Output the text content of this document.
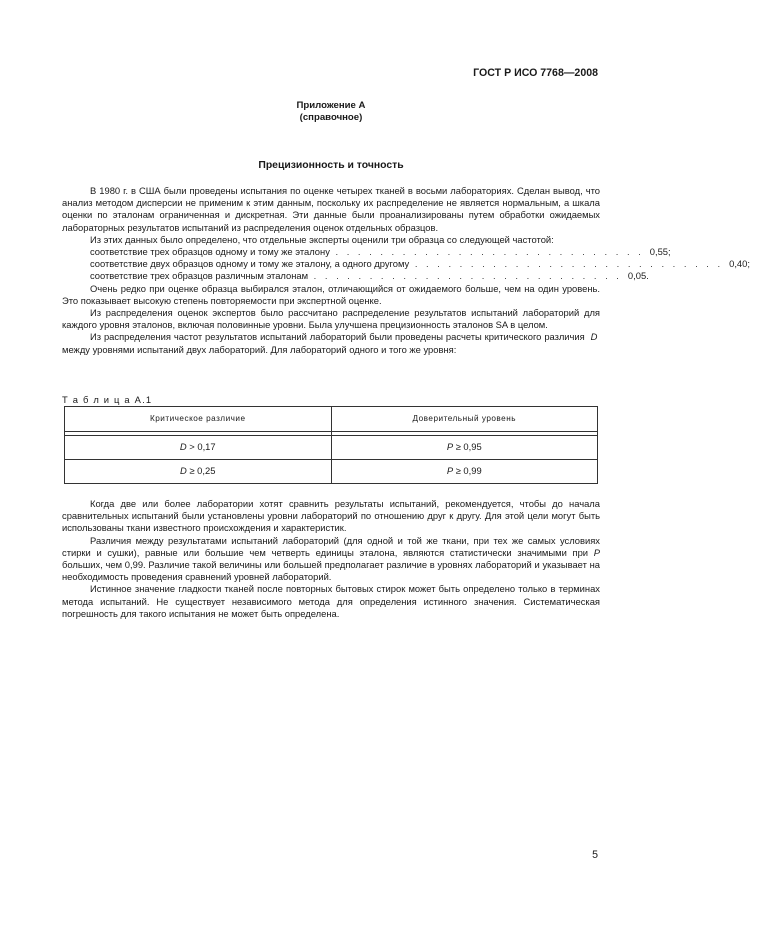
ГОСТ Р ИСО 7768—2008
Приложение А
(справочное)
Прецизионность и точность

В 1980 г. в США были проведены испытания по оценке четырех тканей в восьми лабораториях. Сделан вывод, что анализ методом дисперсии не применим к этим данным, поскольку их распределение не является нормальным, а шкала оценки по эталонам ограниченная и дискретная. Эти данные были проанализированы путем обработки ожидаемых лабораторных результатов испытаний из распределения оценок отдельных образцов.

Из этих данных было определено, что отдельные эксперты оценили три образца со следующей частотой:

соответствие трех образцов одному и тому же эталону . . . . . . . . . . . . . . . . . . . . . . . . . . . . 0,55;
соответствие двух образцов одному и тому же эталону, а одного другому . . . . . . . . . . . . . . . . . . . . . . . . . . . . 0,40;
соответствие трех образцов различным эталонам . . . . . . . . . . . . . . . . . . . . . . . . . . . . 0,05.

Очень редко при оценке образца выбирался эталон, отличающийся от ожидаемого больше, чем на один уровень. Это показывает высокую степень повторяемости при экспертной оценке.

Из распределения оценок экспертов было рассчитано распределение результатов испытаний лабораторий для каждого уровня эталонов, включая половинные уровни. Была улучшена прецизионность эталонов SA в целом.

Из распределения частот результатов испытаний лабораторий были проведены расчеты критического различия D  между уровнями испытаний двух лабораторий. Для лабораторий одного и того же уровня:

Т а б л и ц а А.1
Критическое различие	Доверительный уровень

D > 0,17	P ≥ 0,95
D ≥ 0,25	P ≥ 0,99

Когда две или более лаборатории хотят сравнить результаты испытаний, рекомендуется, чтобы до начала сравнительных испытаний были установлены уровни лабораторий по отношению друг к другу. Для этой цели могут быть использованы ткани известного происхождения и характеристик.

Различия между результатами испытаний лабораторий (для одной и той же ткани, при тех же самых условиях стирки и сушки), равные или большие чем четверть единицы эталона, являются статистически значимыми при P больших, чем 0,99. Различие такой величины или большей предполагает различие в уровнях лабораторий и указывает на необходимость проведения сравнений уровней лабораторий.

Истинное значение гладкости тканей после повторных бытовых стирок может быть определено только в терминах метода испытаний. Не существует независимого метода для определения истинного значения. Систематическая погрешность для такого испытания не может быть определена.

5
